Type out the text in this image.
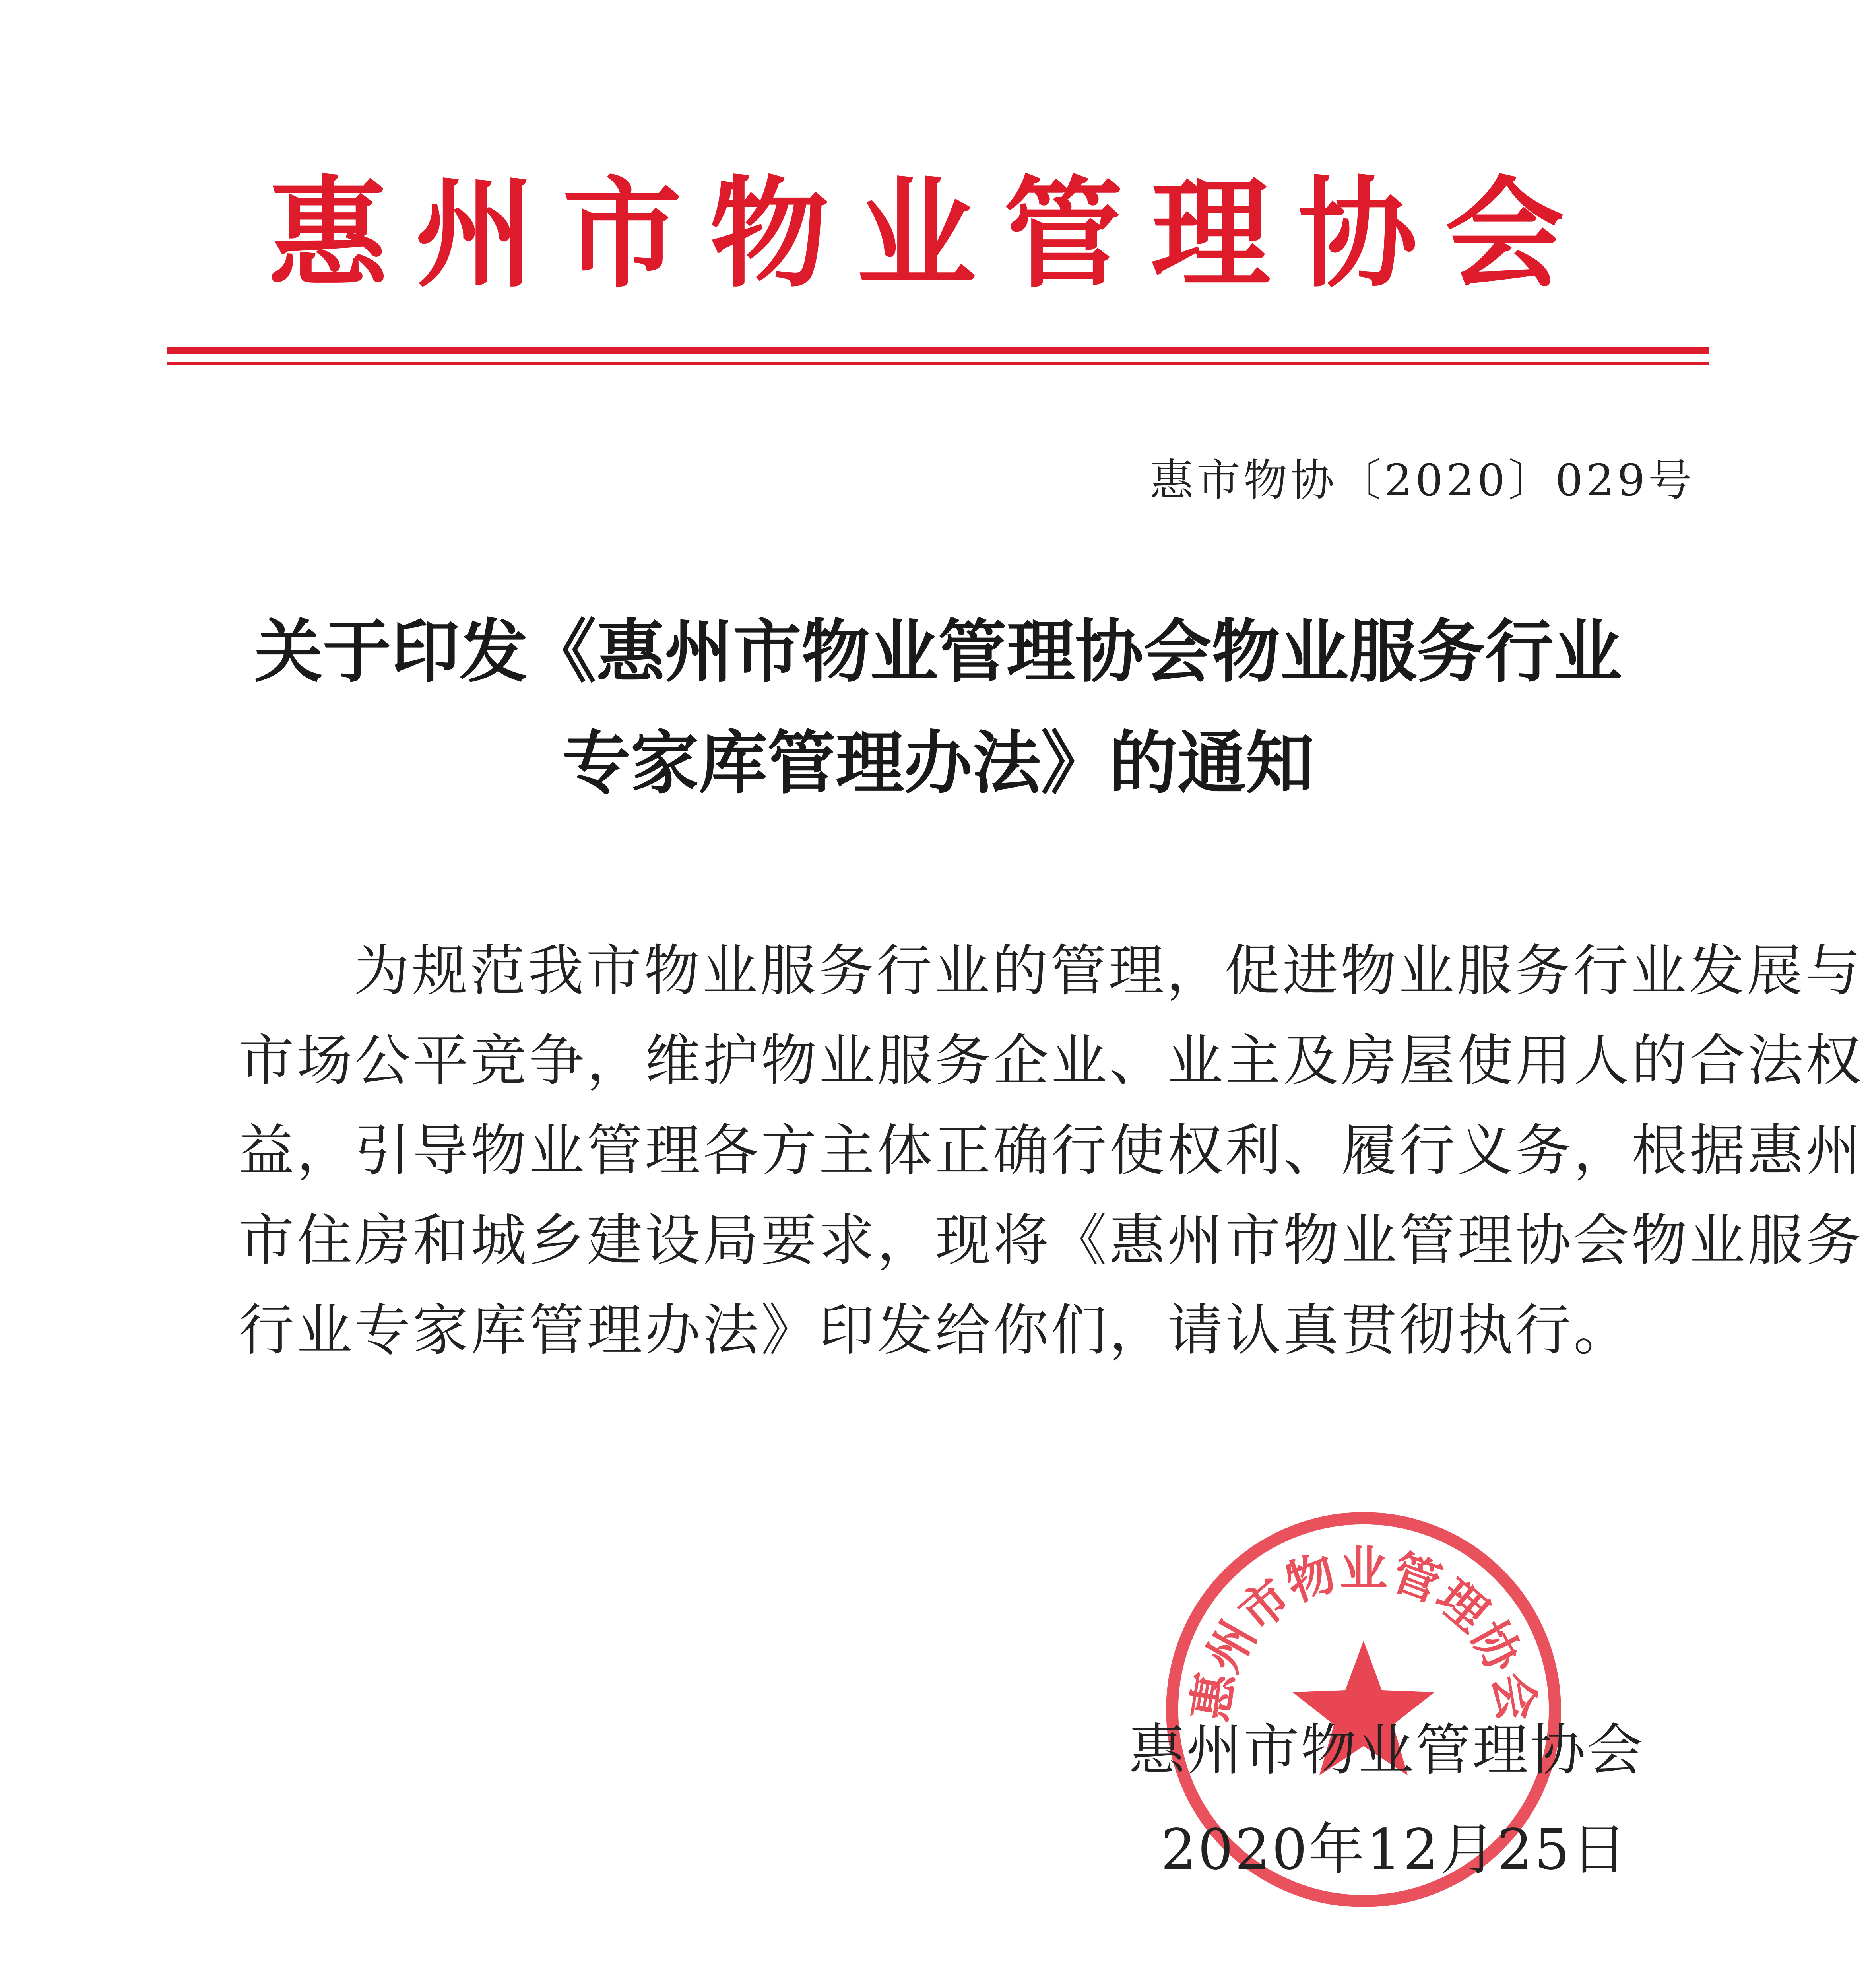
惠州市物业管理协会
惠市物协〔2020〕029号
关于印发《惠州市物业管理协会物业服务行业
专家库管理办法》的通知
为规范我市物业服务行业的管理，促进物业服务行业发展与
市场公平竞争，维护物业服务企业、业主及房屋使用人的合法权
益，引导物业管理各方主体正确行使权利、履行义务，根据惠州
市住房和城乡建设局要求，现将《惠州市物业管理协会物业服务
行业专家库管理办法》印发给你们，请认真贯彻执行。
惠州市物业管理协会
惠州市物业管理协会
2020年12月25日
